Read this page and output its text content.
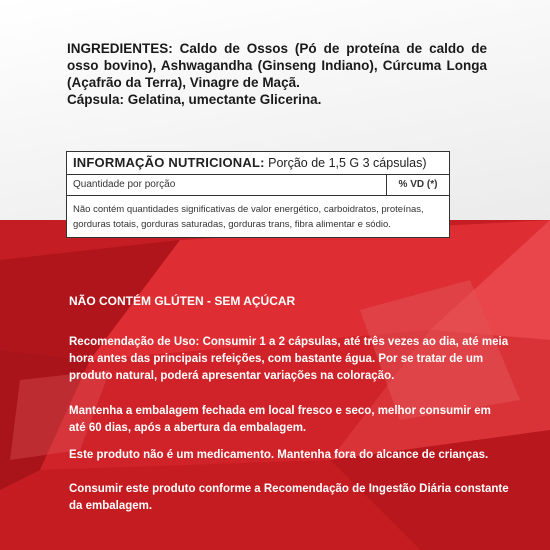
INGREDIENTES: Caldo de Ossos (Pó de proteína de caldo de osso bovino), Ashwagandha (Ginseng Indiano), Cúrcuma Longa (Açafrão da Terra), Vinagre de Maçã.

Cápsula: Gelatina, umectante Glicerina.

INFORMAÇÃO NUTRICIONAL: Porção de 1,5 G 3 cápsulas)
Quantidade por porção	% VD (*)
Não contém quantidades significativas de valor energético, carboidratos, proteínas, gorduras totais, gorduras saturadas, gorduras trans, fibra alimentar e sódio.
NÃO CONTÉM GLÚTEN - SEM AÇÚCAR
Recomendação de Uso: Consumir 1 a 2 cápsulas, até três vezes ao dia, até meia hora antes das principais refeições, com bastante água. Por se tratar de um produto natural, poderá apresentar variações na coloração.
Mantenha a embalagem fechada em local fresco e seco, melhor consumir em até 60 dias, após a abertura da embalagem.
Este produto não é um medicamento. Mantenha fora do alcance de crianças.
Consumir este produto conforme a Recomendação de Ingestão Diária constante da embalagem.
